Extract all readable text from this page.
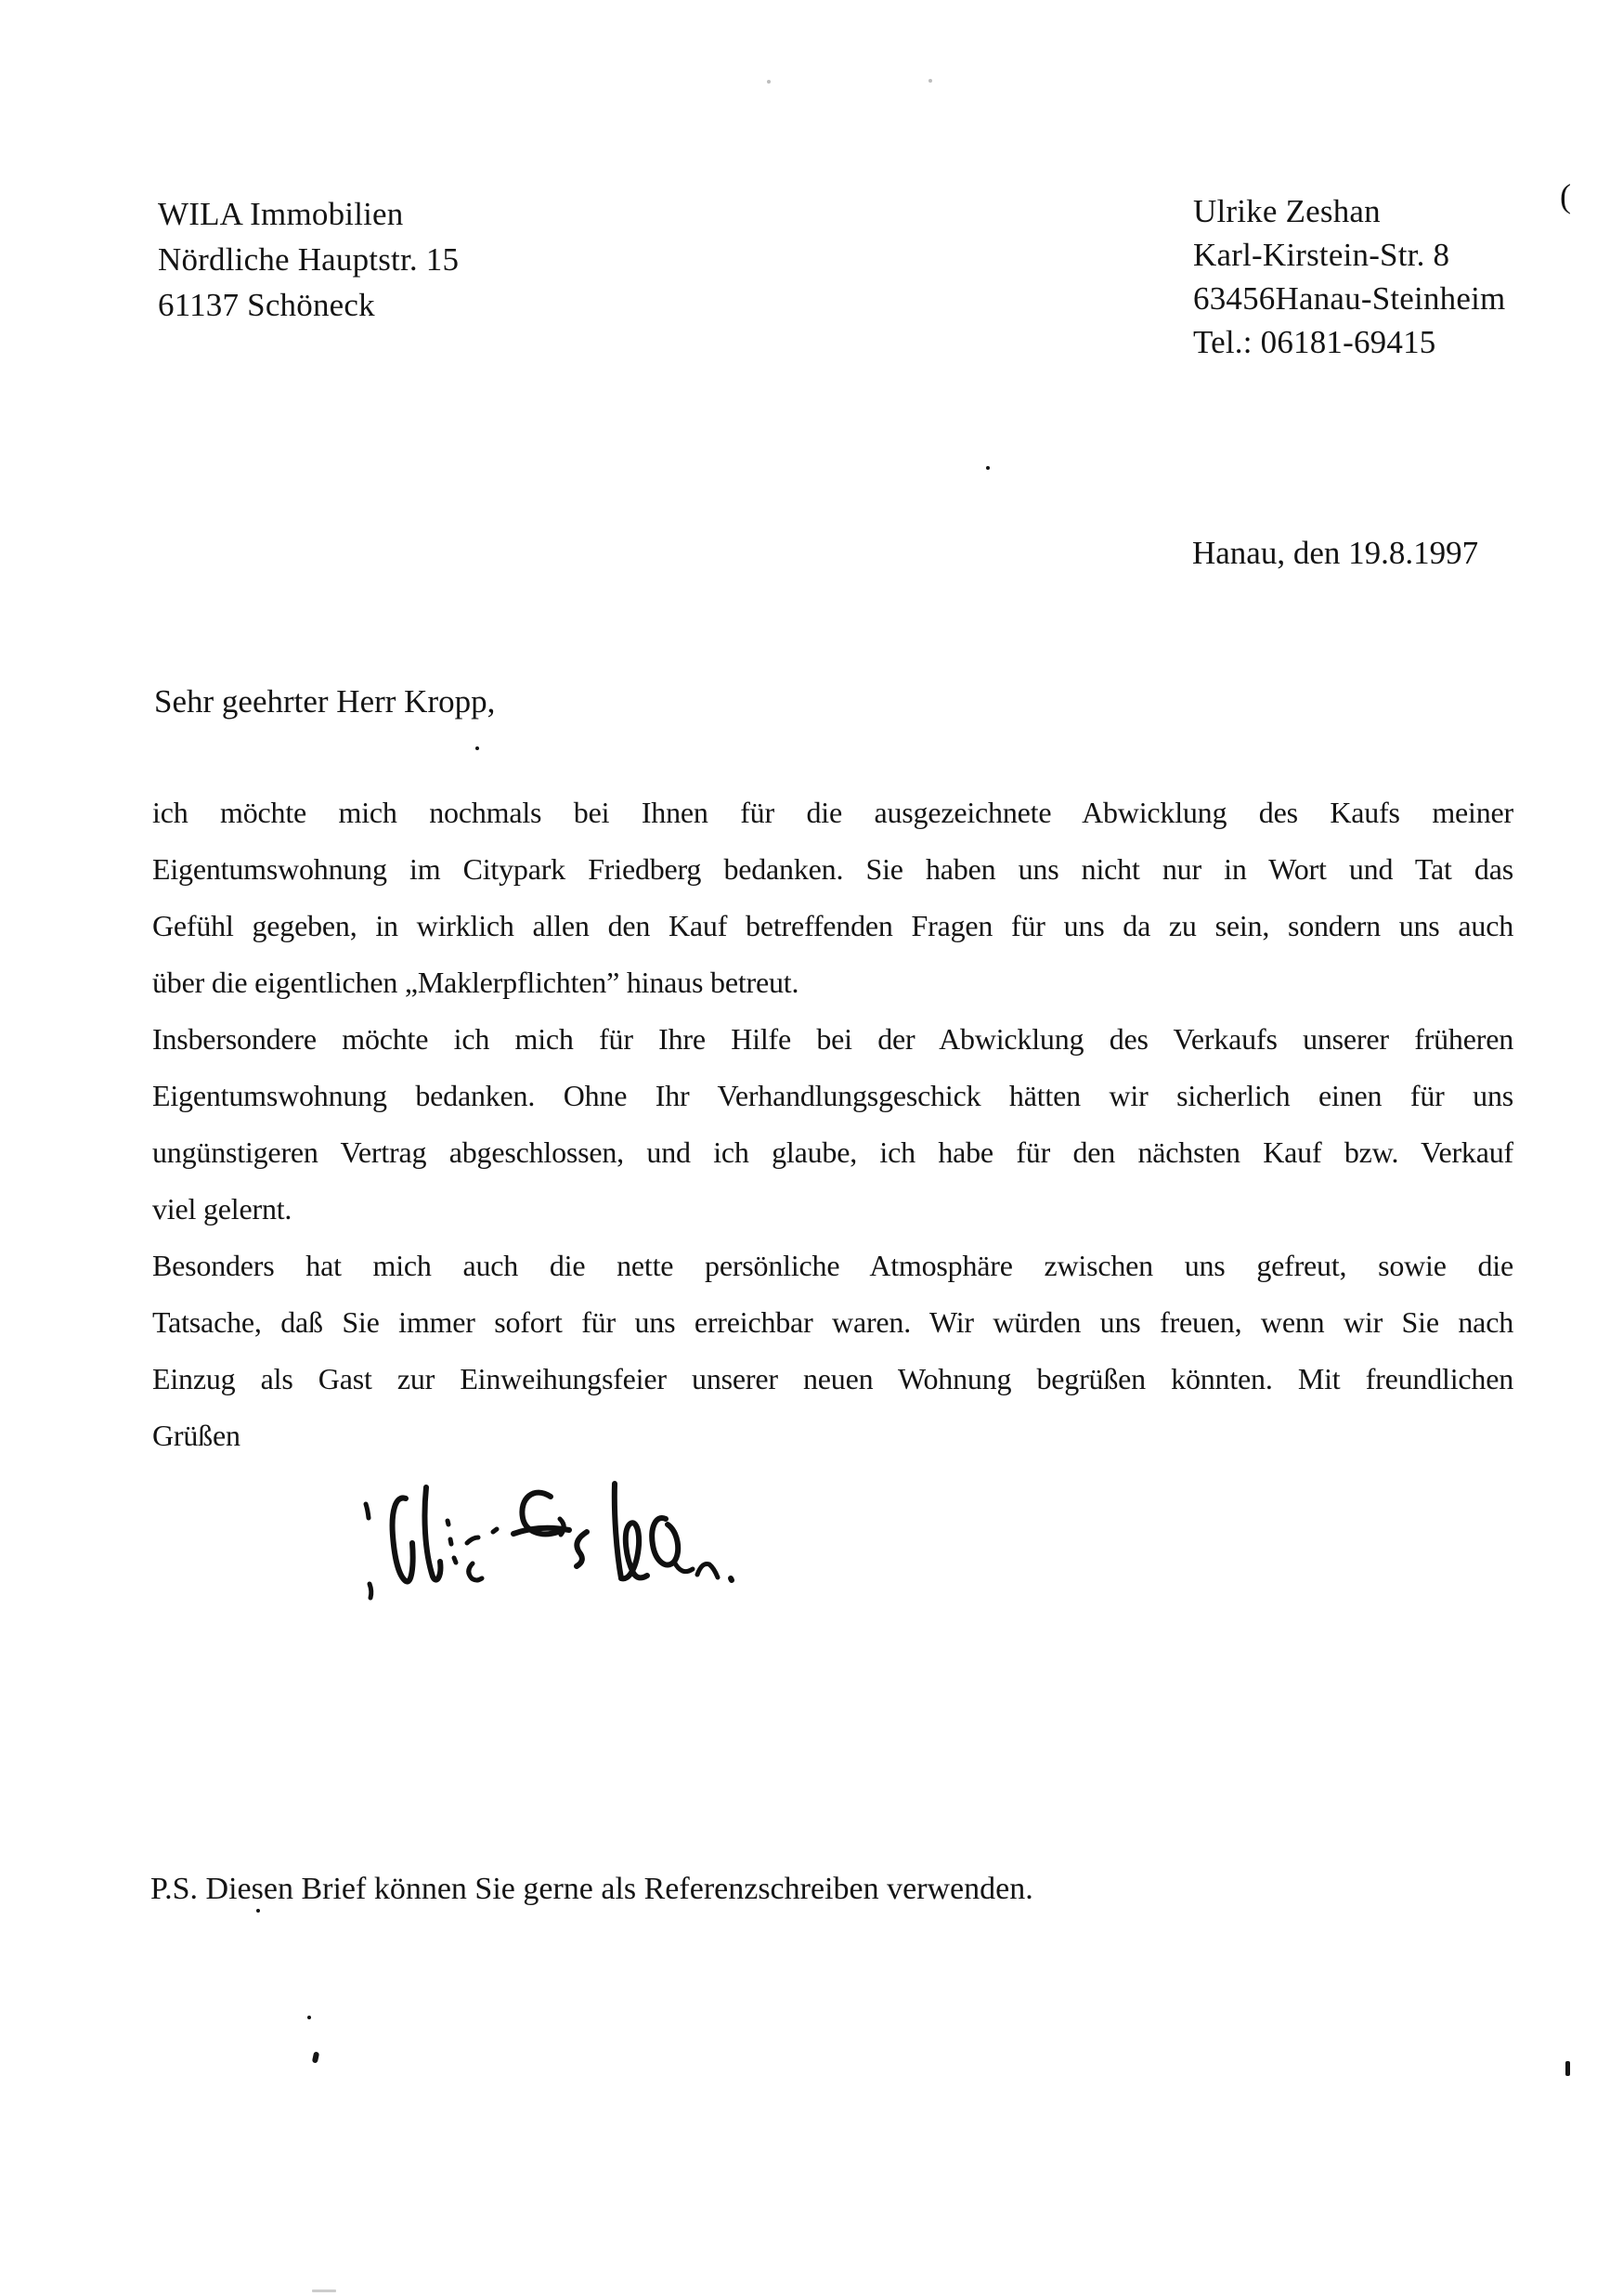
WILA Immobilien
Nördliche Hauptstr. 15
61137 Schöneck
Ulrike Zeshan
Karl-Kirstein-Str. 8
63456Hanau-Steinheim
Tel.: 06181-69415
(
Hanau, den 19.8.1997
Sehr geehrter Herr Kropp,
ich möchte mich nochmals bei Ihnen für die ausgezeichnete Abwicklung des Kaufs meiner
Eigentumswohnung im Citypark Friedberg bedanken. Sie haben uns nicht nur in Wort und Tat das
Gefühl gegeben, in wirklich allen den Kauf betreffenden Fragen für uns da zu sein, sondern uns auch
über die eigentlichen „Maklerpflichten” hinaus betreut.
Insbersondere möchte ich mich für Ihre Hilfe bei der Abwicklung des Verkaufs unserer früheren
Eigentumswohnung bedanken. Ohne Ihr Verhandlungsgeschick hätten wir sicherlich einen für uns
ungünstigeren Vertrag abgeschlossen, und ich glaube, ich habe für den nächsten Kauf bzw. Verkauf
viel gelernt.
Besonders hat mich auch die nette persönliche Atmosphäre zwischen uns gefreut, sowie die
Tatsache, daß Sie immer sofort für uns erreichbar waren. Wir würden uns freuen, wenn wir Sie nach
Einzug als Gast zur Einweihungsfeier unserer neuen Wohnung begrüßen könnten. Mit freundlichen
Grüßen
P.S. Diesen Brief können Sie gerne als Referenzschreiben verwenden.
